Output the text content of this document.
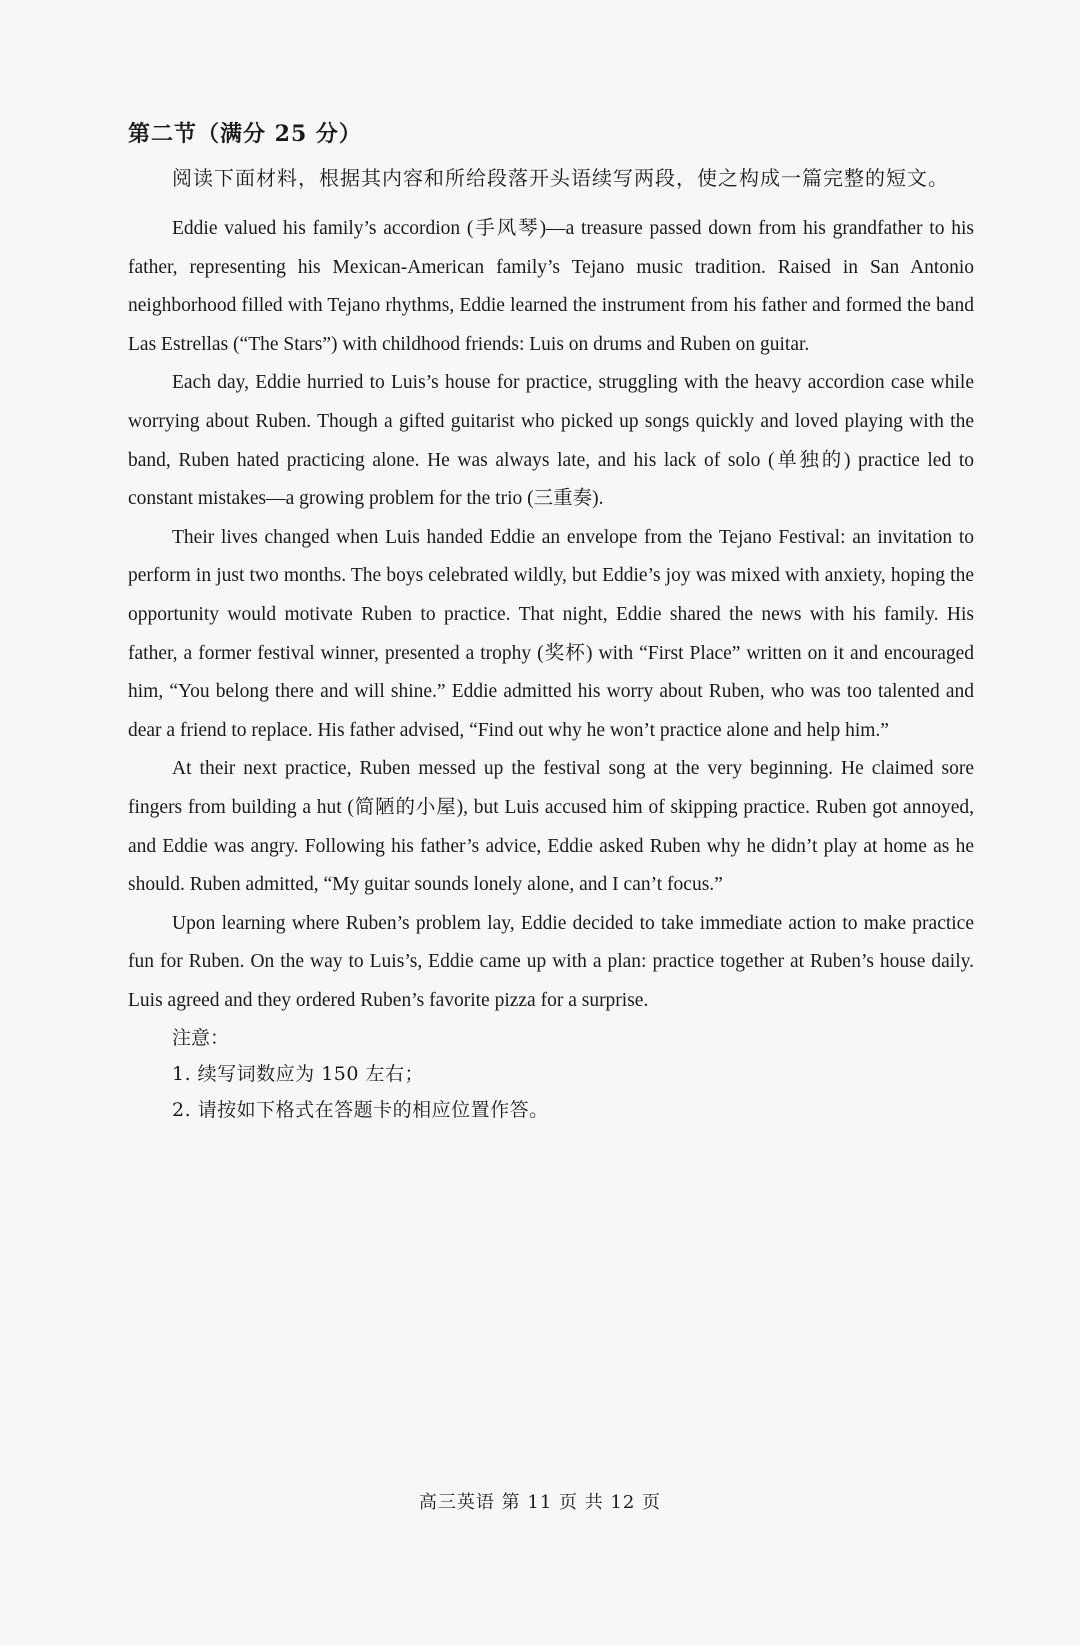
第二节（满分 25 分）

阅读下面材料，根据其内容和所给段落开头语续写两段，使之构成一篇完整的短文。

Eddie valued his family’s accordion (手风琴)—a treasure passed down from his grandfather to his father, representing his Mexican-American family’s Tejano music tradition. Raised in San Antonio neighborhood filled with Tejano rhythms, Eddie learned the instrument from his father and formed the band Las Estrellas (“The Stars”) with childhood friends: Luis on drums and Ruben on guitar.

Each day, Eddie hurried to Luis’s house for practice, struggling with the heavy accordion case while worrying about Ruben. Though a gifted guitarist who picked up songs quickly and loved playing with the band, Ruben hated practicing alone. He was always late, and his lack of solo (单独的) practice led to constant mistakes—a growing problem for the trio (三重奏).

Their lives changed when Luis handed Eddie an envelope from the Tejano Festival: an invitation to perform in just two months. The boys celebrated wildly, but Eddie’s joy was mixed with anxiety, hoping the opportunity would motivate Ruben to practice. That night, Eddie shared the news with his family. His father, a former festival winner, presented a trophy (奖杯) with “First Place” written on it and encouraged him, “You belong there and will shine.” Eddie admitted his worry about Ruben, who was too talented and dear a friend to replace. His father advised, “Find out why he won’t practice alone and help him.”

At their next practice, Ruben messed up the festival song at the very beginning. He claimed sore fingers from building a hut (简陋的小屋), but Luis accused him of skipping practice. Ruben got annoyed, and Eddie was angry. Following his father’s advice, Eddie asked Ruben why he didn’t play at home as he should. Ruben admitted, “My guitar sounds lonely alone, and I can’t focus.”

Upon learning where Ruben’s problem lay, Eddie decided to take immediate action to make practice fun for Ruben. On the way to Luis’s, Eddie came up with a plan: practice together at Ruben’s house daily. Luis agreed and they ordered Ruben’s favorite pizza for a surprise.

注意：

1. 续写词数应为 150 左右；

2. 请按如下格式在答题卡的相应位置作答。

高三英语 第 11 页 共 12 页
